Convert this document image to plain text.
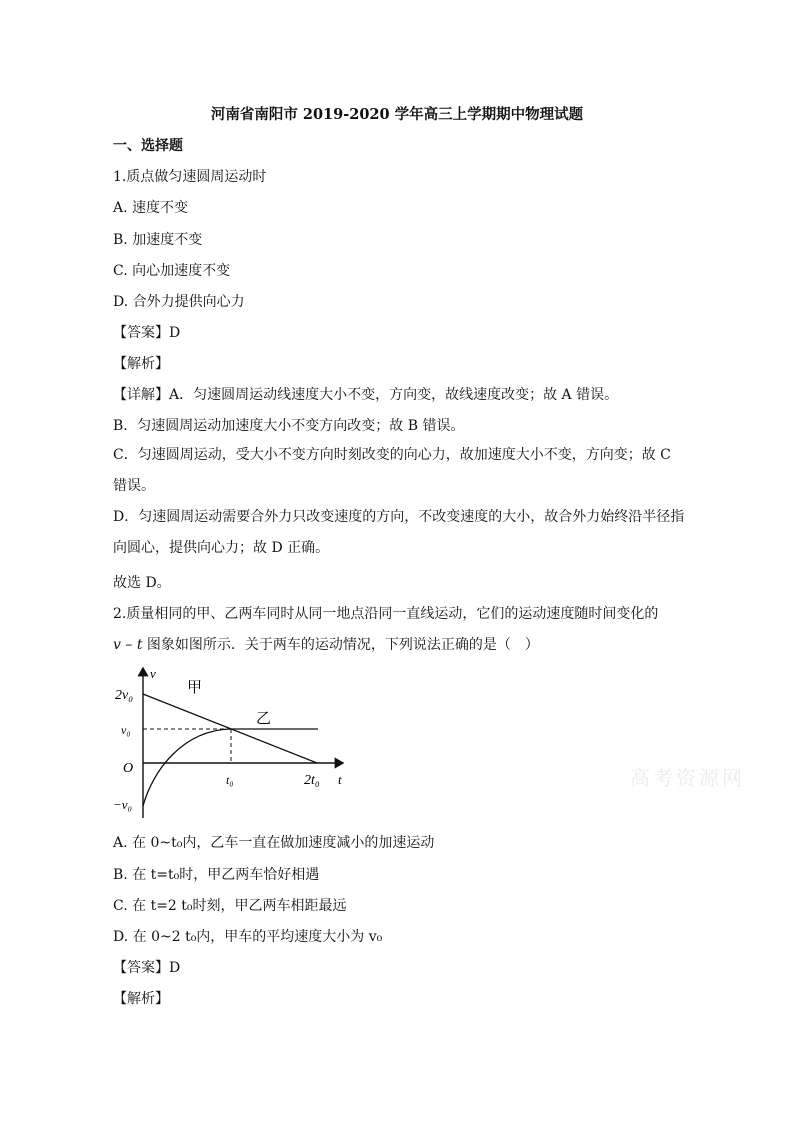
河南省南阳市 2019-2020 学年高三上学期期中物理试题
一、选择题
1.质点做匀速圆周运动时
A. 速度不变
B. 加速度不变
C. 向心加速度不变
D. 合外力提供向心力
【答案】D
【解析】
【详解】A．匀速圆周运动线速度大小不变，方向变，故线速度改变；故 A 错误。
B．匀速圆周运动加速度大小不变方向改变；故 B 错误。
C．匀速圆周运动，受大小不变方向时刻改变的向心力，故加速度大小不变，方向变；故 C 错误。
D．匀速圆周运动需要合外力只改变速度的方向，不改变速度的大小，故合外力始终沿半径指向圆心，提供向心力；故 D 正确。
故选 D。
2.质量相同的甲、乙两车同时从同一地点沿同一直线运动，它们的运动速度随时间变化的
v – t 图象如图所示．关于两车的运动情况，下列说法正确的是（　）
v
2v₀
v₀
O
−v₀
t₀	2t₀ t
甲
乙
高考资源网
A. 在 0~t₀内，乙车一直在做加速度减小的加速运动
B. 在 t=t₀时，甲乙两车恰好相遇
C. 在 t=2 t₀时刻，甲乙两车相距最远
D. 在 0~2 t₀内，甲车的平均速度大小为 v₀
【答案】D
【解析】
